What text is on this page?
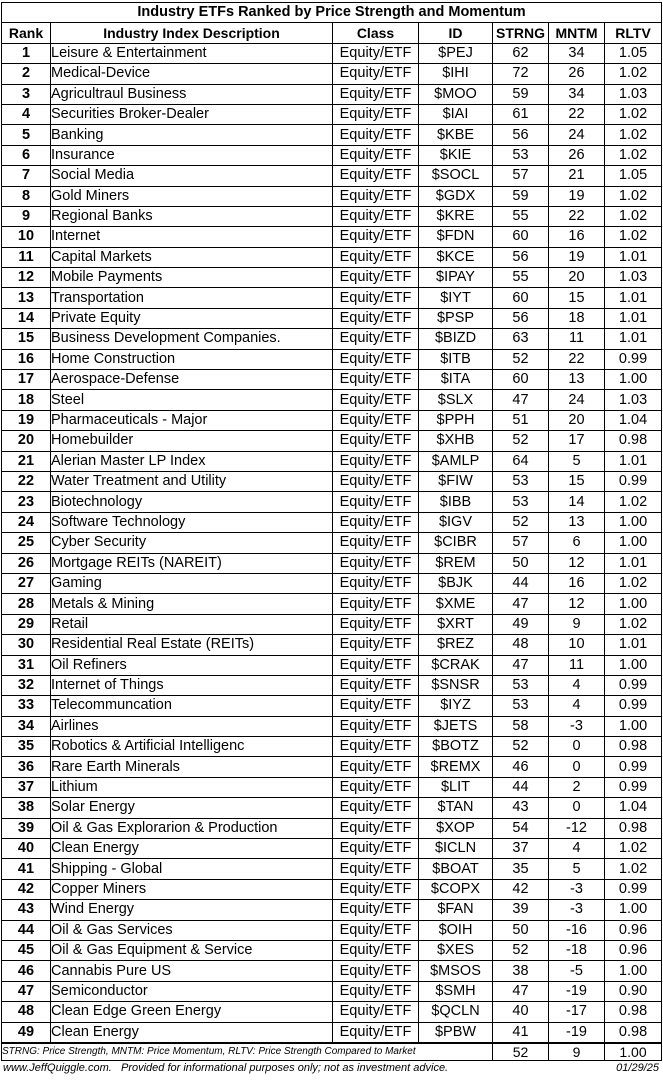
Industry ETFs Ranked by Price Strength and Momentum						
Rank	Industry Index Description	Class	ID	STRNG	MNTM	RLTV
1	Leisure & Entertainment	Equity/ETF	$PEJ	62	34	1.05
2	Medical-Device	Equity/ETF	$IHI	72	26	1.02
3	Agricultraul Business	Equity/ETF	$MOO	59	34	1.03
4	Securities Broker-Dealer	Equity/ETF	$IAI	61	22	1.02
5	Banking	Equity/ETF	$KBE	56	24	1.02
6	Insurance	Equity/ETF	$KIE	53	26	1.02
7	Social Media	Equity/ETF	$SOCL	57	21	1.05
8	Gold Miners	Equity/ETF	$GDX	59	19	1.02
9	Regional Banks	Equity/ETF	$KRE	55	22	1.02
10	Internet	Equity/ETF	$FDN	60	16	1.02
11	Capital Markets	Equity/ETF	$KCE	56	19	1.01
12	Mobile Payments	Equity/ETF	$IPAY	55	20	1.03
13	Transportation	Equity/ETF	$IYT	60	15	1.01
14	Private Equity	Equity/ETF	$PSP	56	18	1.01
15	Business Development Companies.	Equity/ETF	$BIZD	63	11	1.01
16	Home Construction	Equity/ETF	$ITB	52	22	0.99
17	Aerospace-Defense	Equity/ETF	$ITA	60	13	1.00
18	Steel	Equity/ETF	$SLX	47	24	1.03
19	Pharmaceuticals - Major	Equity/ETF	$PPH	51	20	1.04
20	Homebuilder	Equity/ETF	$XHB	52	17	0.98
21	Alerian Master LP Index	Equity/ETF	$AMLP	64	5	1.01
22	Water Treatment and Utility	Equity/ETF	$FIW	53	15	0.99
23	Biotechnology	Equity/ETF	$IBB	53	14	1.02
24	Software Technology	Equity/ETF	$IGV	52	13	1.00
25	Cyber Security	Equity/ETF	$CIBR	57	6	1.00
26	Mortgage REITs (NAREIT)	Equity/ETF	$REM	50	12	1.01
27	Gaming	Equity/ETF	$BJK	44	16	1.02
28	Metals & Mining	Equity/ETF	$XME	47	12	1.00
29	Retail	Equity/ETF	$XRT	49	9	1.02
30	Residential Real Estate (REITs)	Equity/ETF	$REZ	48	10	1.01
31	Oil Refiners	Equity/ETF	$CRAK	47	11	1.00
32	Internet of Things	Equity/ETF	$SNSR	53	4	0.99
33	Telecommuncation	Equity/ETF	$IYZ	53	4	0.99
34	Airlines	Equity/ETF	$JETS	58	-3	1.00
35	Robotics & Artificial Intelligenc	Equity/ETF	$BOTZ	52	0	0.98
36	Rare Earth Minerals	Equity/ETF	$REMX	46	0	0.99
37	Lithium	Equity/ETF	$LIT	44	2	0.99
38	Solar Energy	Equity/ETF	$TAN	43	0	1.04
39	Oil & Gas Explorarion & Production	Equity/ETF	$XOP	54	-12	0.98
40	Clean Energy	Equity/ETF	$ICLN	37	4	1.02
41	Shipping - Global	Equity/ETF	$BOAT	35	5	1.02
42	Copper Miners	Equity/ETF	$COPX	42	-3	0.99
43	Wind Energy	Equity/ETF	$FAN	39	-3	1.00
44	Oil & Gas Services	Equity/ETF	$OIH	50	-16	0.96
45	Oil & Gas Equipment & Service	Equity/ETF	$XES	52	-18	0.96
46	Cannabis Pure US	Equity/ETF	$MSOS	38	-5	1.00
47	Semiconductor	Equity/ETF	$SMH	47	-19	0.90
48	Clean Edge Green Energy	Equity/ETF	$QCLN	40	-17	0.98
49	Clean Energy	Equity/ETF	$PBW	41	-19	0.98
STRNG: Price Strength, MNTM: Price Momentum, RLTV: Price Strength Compared to Market	52	9	1.00
www.JeffQuiggle.com. Provided for informational purposes only; not as investment advice.	01/29/25
